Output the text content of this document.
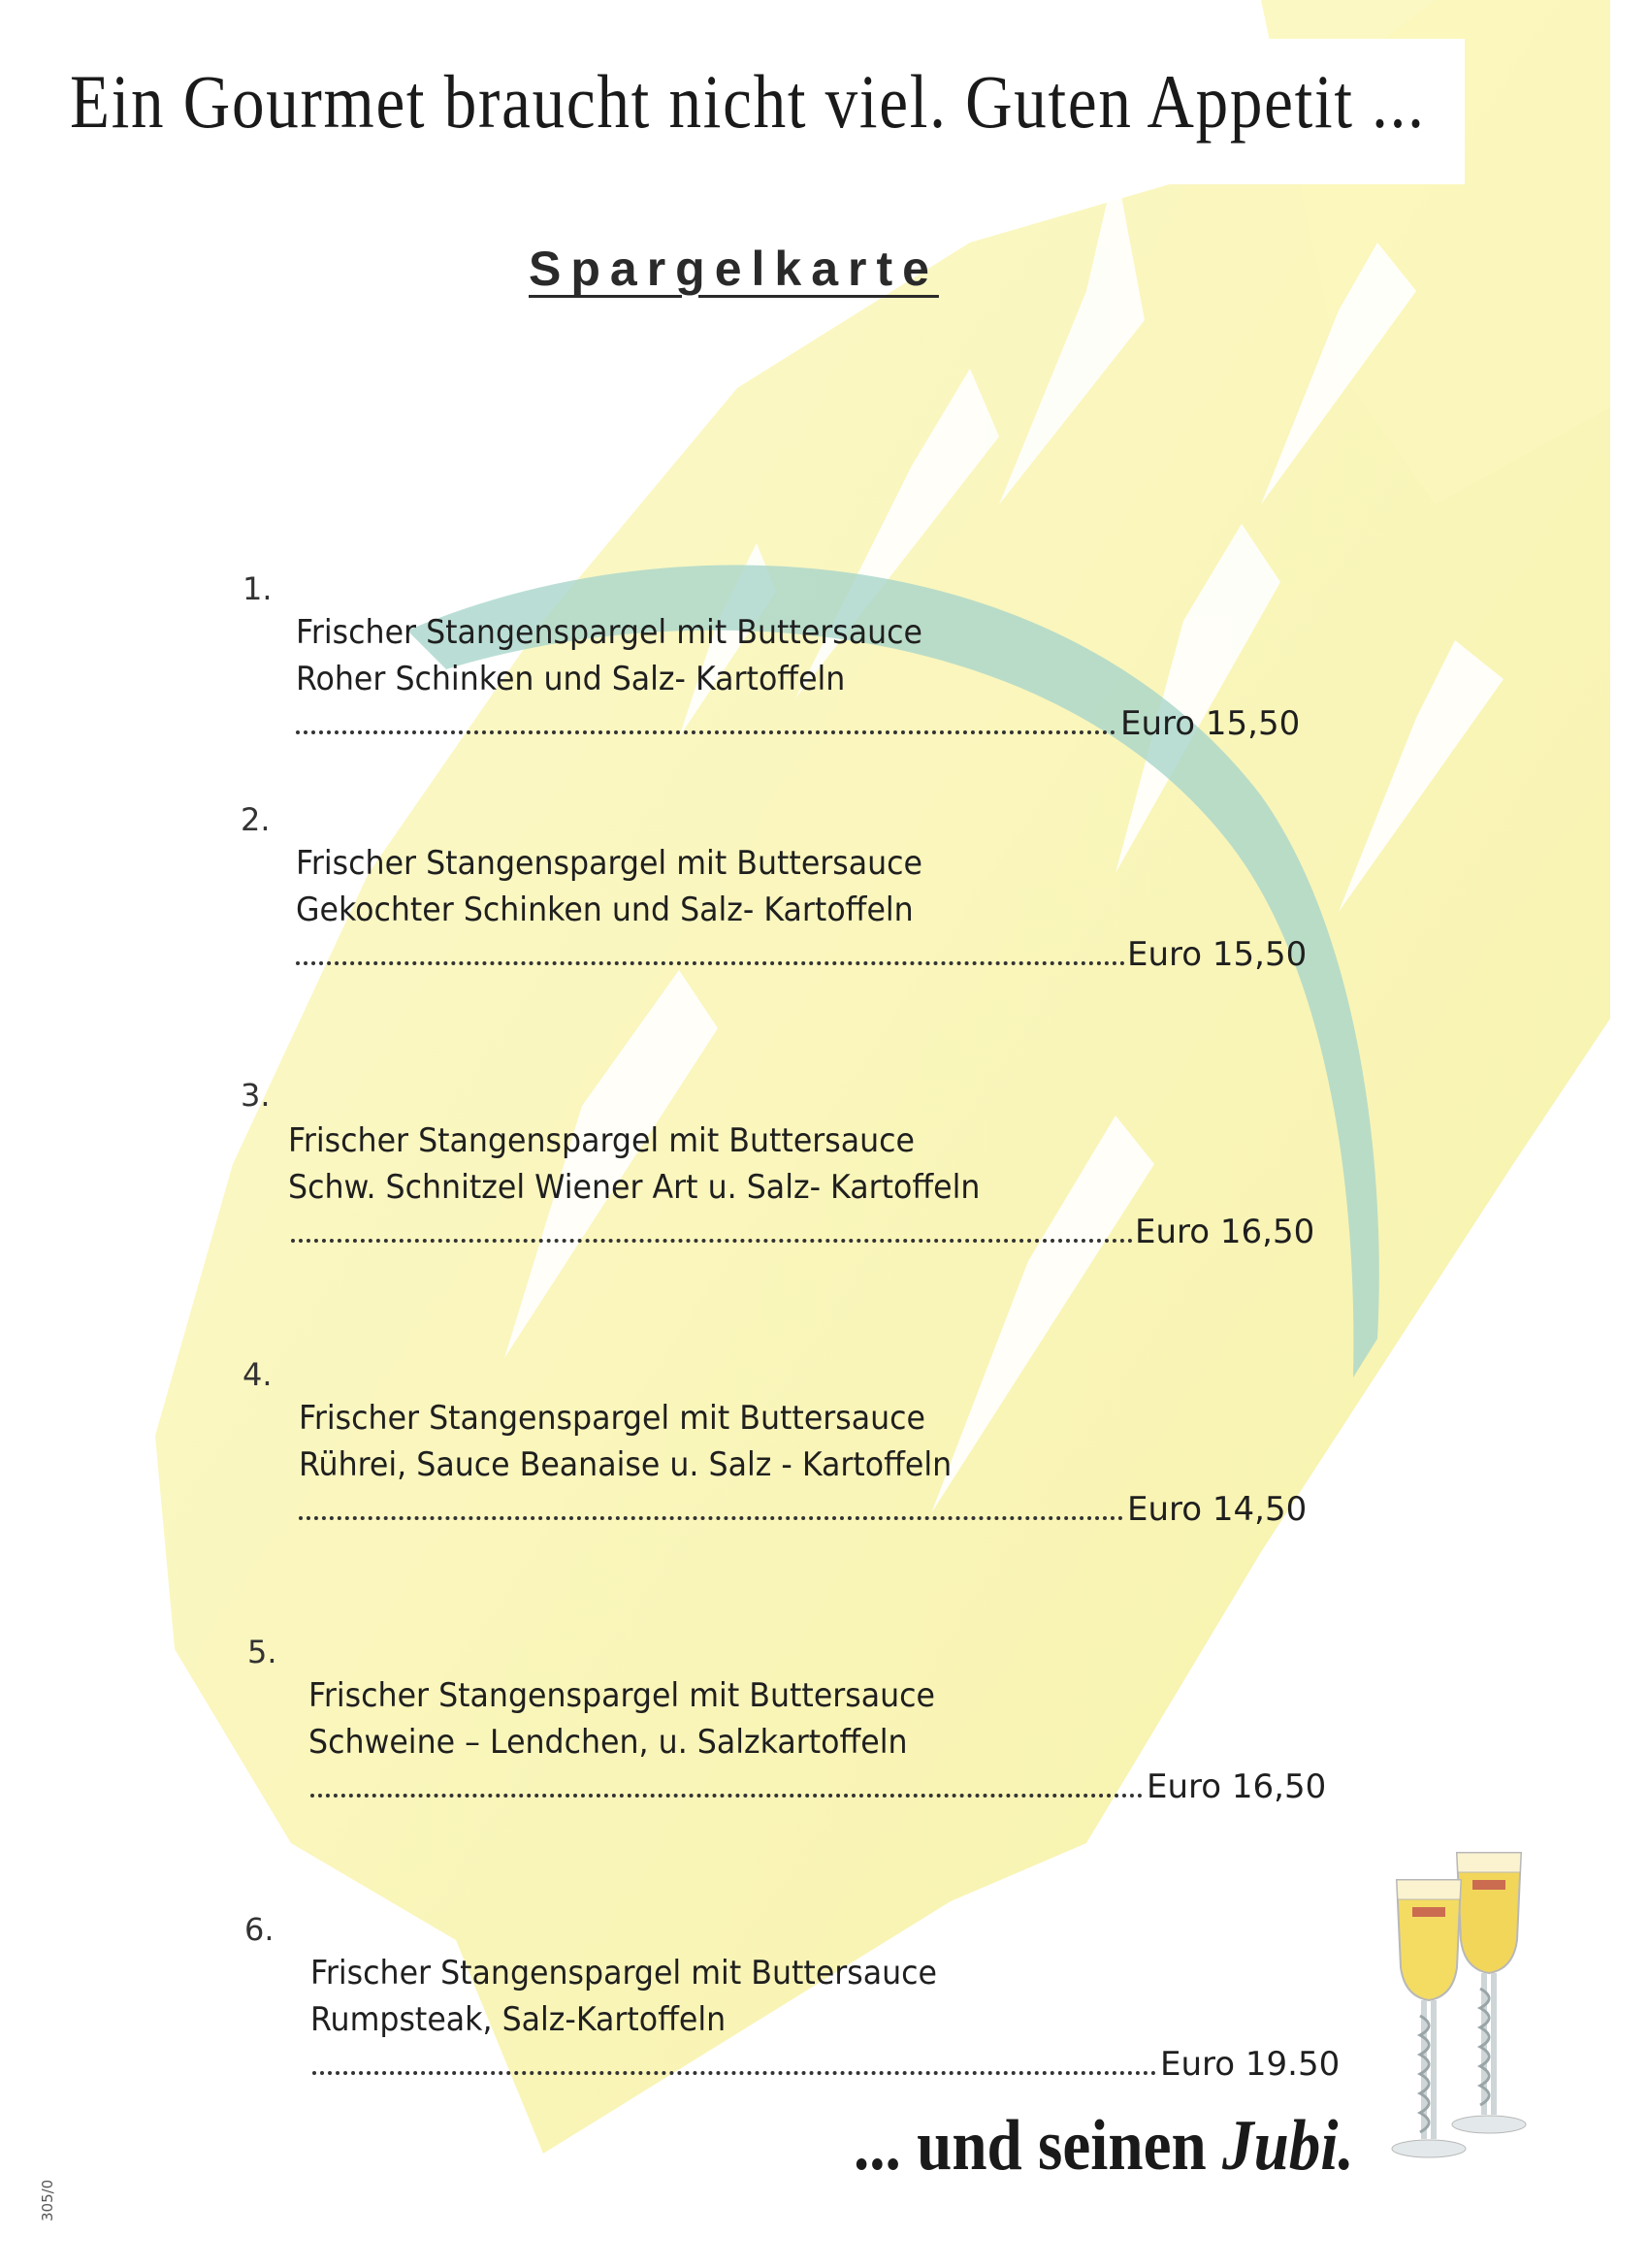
Ein Gourmet braucht nicht viel. Guten Appetit ...
Spargelkarte
1.
Frischer Stangenspargel mit Buttersauce
Roher Schinken und Salz- Kartoffeln
Euro 15,50
2.
Frischer Stangenspargel mit Buttersauce
Gekochter Schinken und Salz- Kartoffeln
Euro 15,50
3.
Frischer Stangenspargel mit Buttersauce
Schw. Schnitzel Wiener Art u. Salz- Kartoffeln
Euro 16,50
4.
Frischer Stangenspargel mit Buttersauce
Rührei, Sauce Beanaise u. Salz - Kartoffeln
Euro 14,50
5.
Frischer Stangenspargel mit Buttersauce
Schweine – Lendchen, u. Salzkartoffeln
Euro 16,50
6.
Frischer Stangenspargel mit Buttersauce
Rumpsteak, Salz-Kartoffeln
Euro 19.50
... und seinen Jubi.
305/0
